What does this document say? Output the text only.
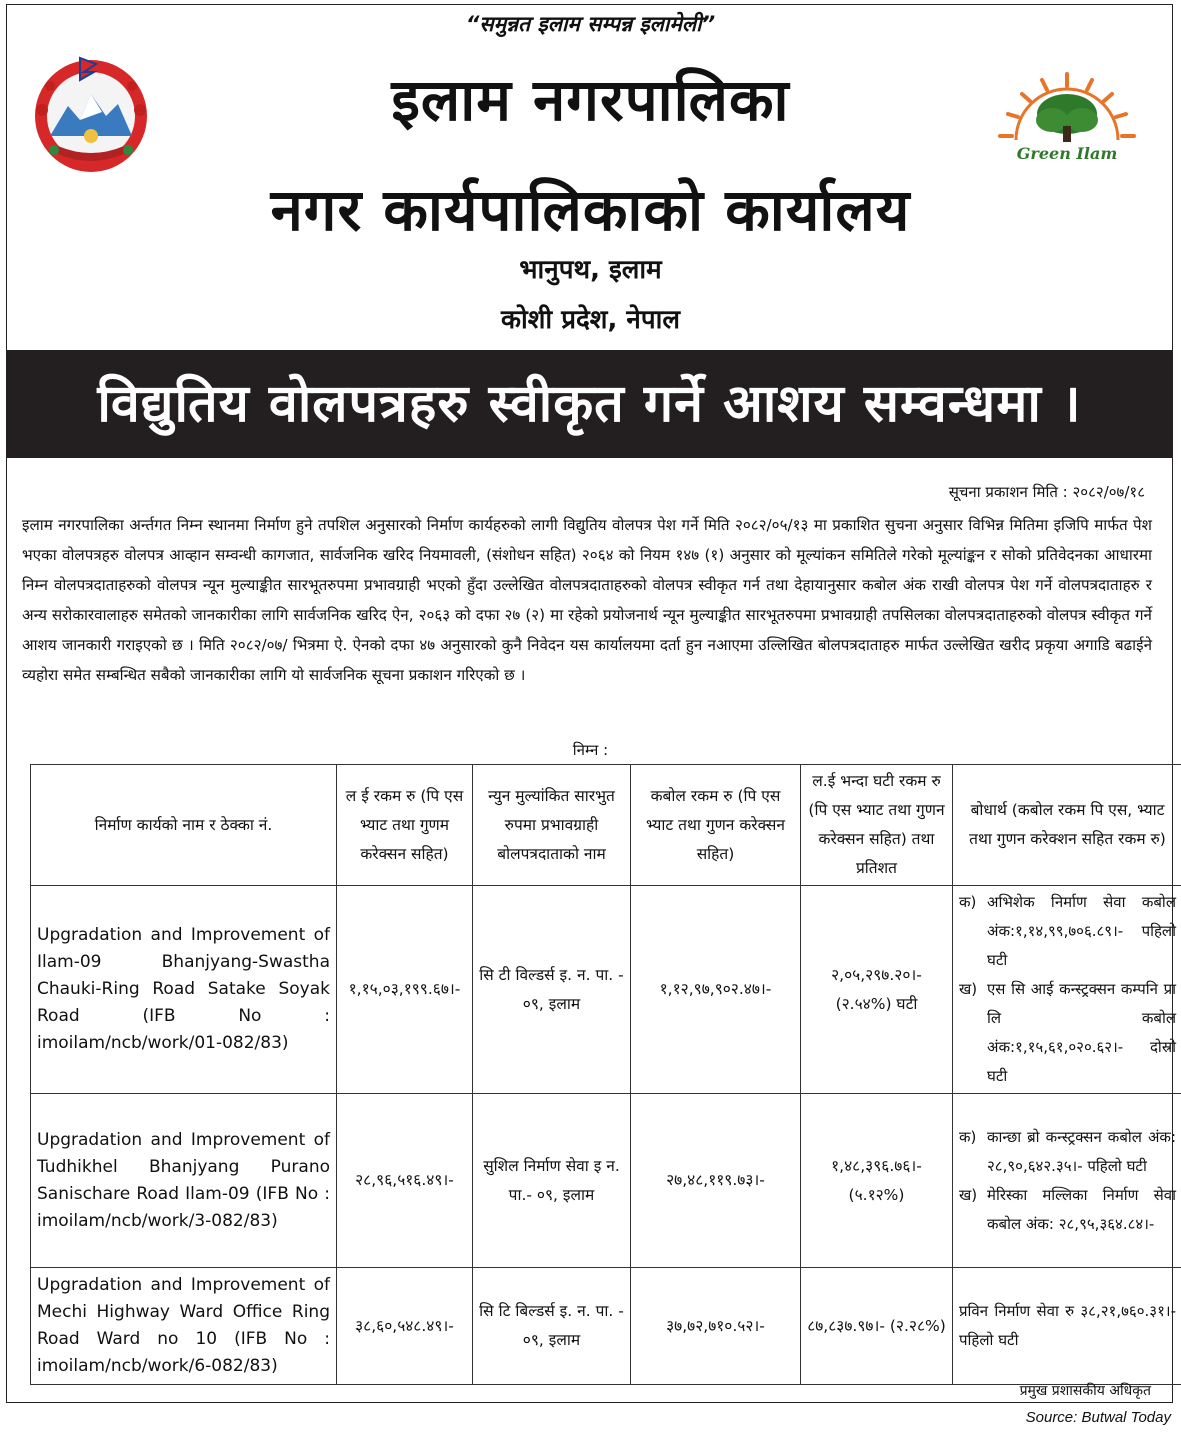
“समुन्नत इलाम सम्पन्न इलामेली”
Green Ilam
इलाम नगरपालिका
नगर कार्यपालिकाको कार्यालय
भानुपथ, इलाम
कोशी प्रदेश, नेपाल
विद्युतिय वोलपत्रहरु स्वीकृत गर्ने आशय सम्वन्धमा ।
सूचना प्रकाशन मिति : २०८२/०७/१८
इलाम नगरपालिका अर्न्तगत निम्न स्थानमा निर्माण हुने तपशिल अनुसारको निर्माण कार्यहरुको लागी विद्युतिय वोलपत्र पेश गर्ने मिति २०८२/०५/१३ मा प्रकाशित सुचना अनुसार विभिन्न मितिमा इजिपि मार्फत पेश भएका वोलपत्रहरु वोलपत्र आव्हान सम्वन्धी कागजात, सार्वजनिक खरिद नियमावली, (संशोधन सहित) २०६४ को नियम १४७ (१) अनुसार को मूल्यांकन समितिले गरेको मूल्यांङ्कन र सोको प्रतिवेदनका आधारमा निम्न वोलपत्रदाताहरुको वोलपत्र न्यून मुल्याङ्कीत सारभूतरुपमा प्रभावग्राही भएको हुँदा उल्लेखित वोलपत्रदाताहरुको वोलपत्र स्वीकृत गर्न तथा देहायानुसार कबोल अंक राखी वोलपत्र पेश गर्ने वोलपत्रदाताहरु र अन्य सरोकारवालाहरु समेतको जानकारीका लागि सार्वजनिक खरिद ऐन, २०६३ को दफा २७ (२) मा रहेको प्रयोजनार्थ न्यून मुल्याङ्कीत सारभूतरुपमा प्रभावग्राही तपसिलका वोलपत्रदाताहरुको वोलपत्र स्वीकृत गर्ने आशय जानकारी गराइएको छ । मिति २०८२/०७/ भित्रमा ऐ. ऐनको दफा ४७ अनुसारको कुनै निवेदन यस कार्यालयमा दर्ता हुन नआएमा उल्लिखित बोलपत्रदाताहरु मार्फत उल्लेखित खरीद प्रकृया अगाडि बढाईने व्यहोरा समेत सम्बन्धित सबैको जानकारीका लागि यो सार्वजनिक सूचना प्रकाशन गरिएको छ ।
निम्न :
निर्माण कार्यको नाम र ठेक्का नं.	ल ई रकम रु (पि एस भ्याट तथा गुणम करेक्सन सहित)	न्युन मुल्यांकित सारभुत रुपमा प्रभावग्राही बोलपत्रदाताको नाम	कबोल रकम रु (पि एस भ्याट तथा गुणन करेक्सन सहित)	ल.ई भन्दा घटी रकम रु (पि एस भ्याट तथा गुणन करेक्सन सहित) तथा प्रतिशत	बोधार्थ (कबोल रकम पि एस, भ्याट तथा गुणन करेक्शन सहित रकम रु)
Upgradation and Improvement of Ilam-09 Bhanjyang-Swastha Chauki-Ring Road Satake Soyak Road (IFB No : imoilam/ncb/work/01-082/83)	१,१५,०३,१९९.६७।-	सि टी विल्डर्स इ. न. पा. - ०९, इलाम	१,१२,९७,९०२.४७।-	२,०५,२९७.२०।- (२.५४%) घटी	क) अभिशेक निर्माण सेवा कबोल अंक:१,१४,९९,७०६.८९।- पहिलो घटी
ख) एस सि आई कन्स्ट्रक्सन कम्पनि प्रा लि कबोल अंक:१,१५,६१,०२०.६२।- दोस्रो घटी

Upgradation and Improvement of Tudhikhel Bhanjyang Purano Sanischare Road Ilam-09 (IFB No : imoilam/ncb/work/3-082/83)	२८,९६,५१६.४९।-	सुशिल निर्माण सेवा इ न. पा.- ०९, इलाम	२७,४८,११९.७३।-	१,४८,३९६.७६।- (५.१२%)	क) कान्छा ब्रो कन्स्ट्रक्सन कबोल अंक: २८,९०,६४२.३५।- पहिलो घटी
ख) मेरिस्का मल्लिका निर्माण सेवा कबोल अंक: २८,९५,३६४.८४।-

Upgradation and Improvement of Mechi Highway Ward Office Ring Road Ward no 10 (IFB No : imoilam/ncb/work/6-082/83)	३८,६०,५४८.४९।-	सि टि बिल्डर्स इ. न. पा. - ०९, इलाम	३७,७२,७१०.५२।-	८७,८३७.९७।- (२.२८%)	प्रविन निर्माण सेवा रु ३८,२१,७६०.३१।- पहिलो घटी
प्रमुख प्रशासकीय अधिकृत
Source: Butwal Today
